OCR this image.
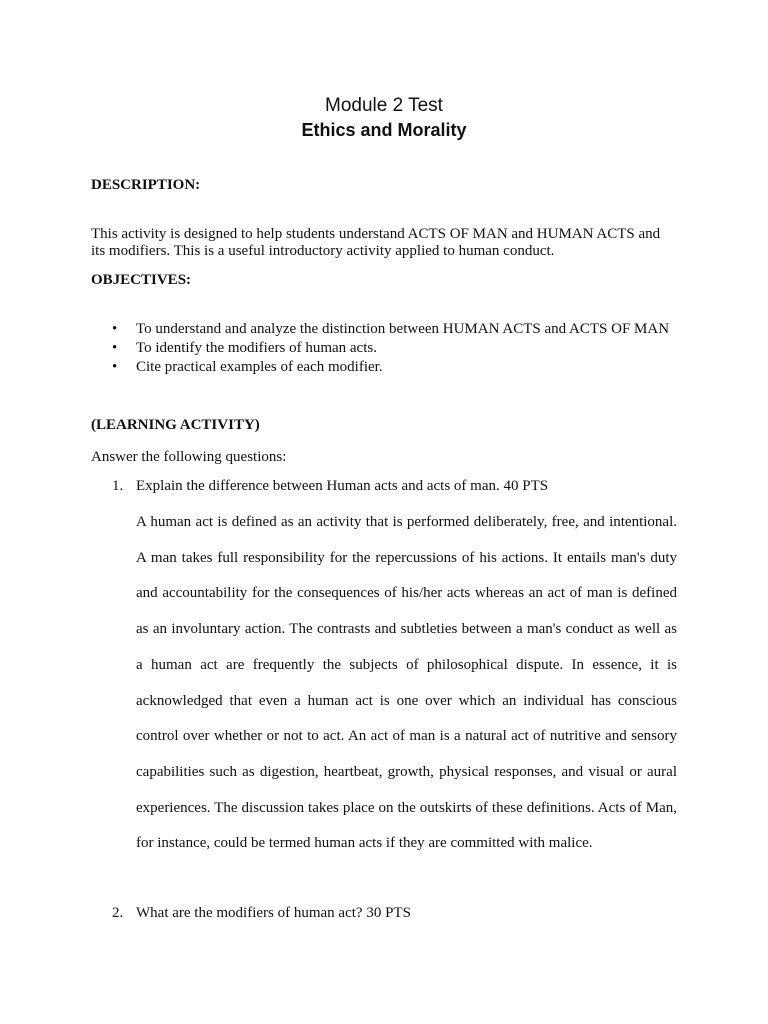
Module 2 Test
Ethics and Morality
DESCRIPTION:
This activity is designed to help students understand ACTS OF MAN and HUMAN ACTS and its modifiers. This is a useful introductory activity applied to human conduct.
OBJECTIVES:
• To understand and analyze the distinction between HUMAN ACTS and ACTS OF MAN
• To identify the modifiers of human acts.
• Cite practical examples of each modifier.
(LEARNING ACTIVITY)
Answer the following questions:
1. Explain the difference between Human acts and acts of man. 40 PTS

A human act is defined as an activity that is performed deliberately, free, and intentional. A man takes full responsibility for the repercussions of his actions. It entails man's duty and accountability for the consequences of his/her acts whereas an act of man is defined as an involuntary action. The contrasts and subtleties between a man's conduct as well as a human act are frequently the subjects of philosophical dispute. In essence, it is acknowledged that even a human act is one over which an individual has conscious control over whether or not to act. An act of man is a natural act of nutritive and sensory capabilities such as digestion, heartbeat, growth, physical responses, and visual or aural experiences. The discussion takes place on the outskirts of these definitions. Acts of Man, for instance, could be termed human acts if they are committed with malice.

2. What are the modifiers of human act? 30 PTS
